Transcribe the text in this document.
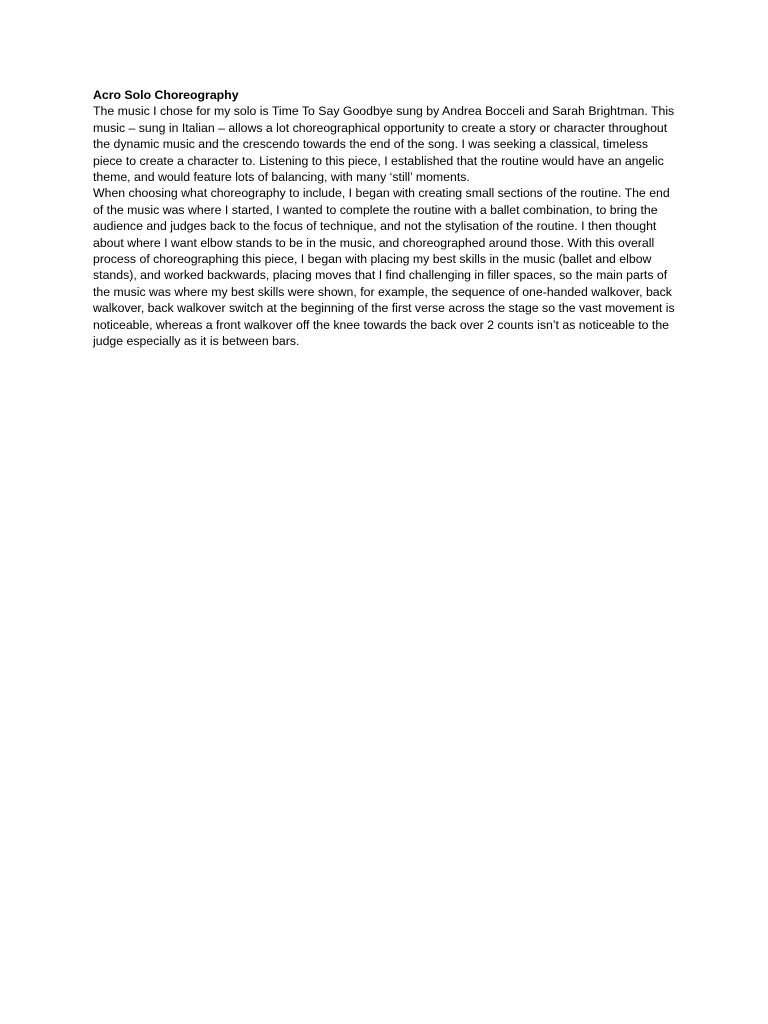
Acro Solo Choreography

The music I chose for my solo is Time To Say Goodbye sung by Andrea Bocceli and Sarah Brightman. This music – sung in Italian – allows a lot choreographical opportunity to create a story or character throughout the dynamic music and the crescendo towards the end of the song. I was seeking a classical, timeless piece to create a character to. Listening to this piece, I established that the routine would have an angelic theme, and would feature lots of balancing, with many ‘still’ moments.

When choosing what choreography to include, I began with creating small sections of the routine. The end of the music was where I started, I wanted to complete the routine with a ballet combination, to bring the audience and judges back to the focus of technique, and not the stylisation of the routine. I then thought about where I want elbow stands to be in the music, and choreographed around those. With this overall process of choreographing this piece, I began with placing my best skills in the music (ballet and elbow stands), and worked backwards, placing moves that I find challenging in filler spaces, so the main parts of the music was where my best skills were shown, for example, the sequence of one-handed walkover, back walkover, back walkover switch at the beginning of the first verse across the stage so the vast movement is noticeable, whereas a front walkover off the knee towards the back over 2 counts isn’t as noticeable to the judge especially as it is between bars.
